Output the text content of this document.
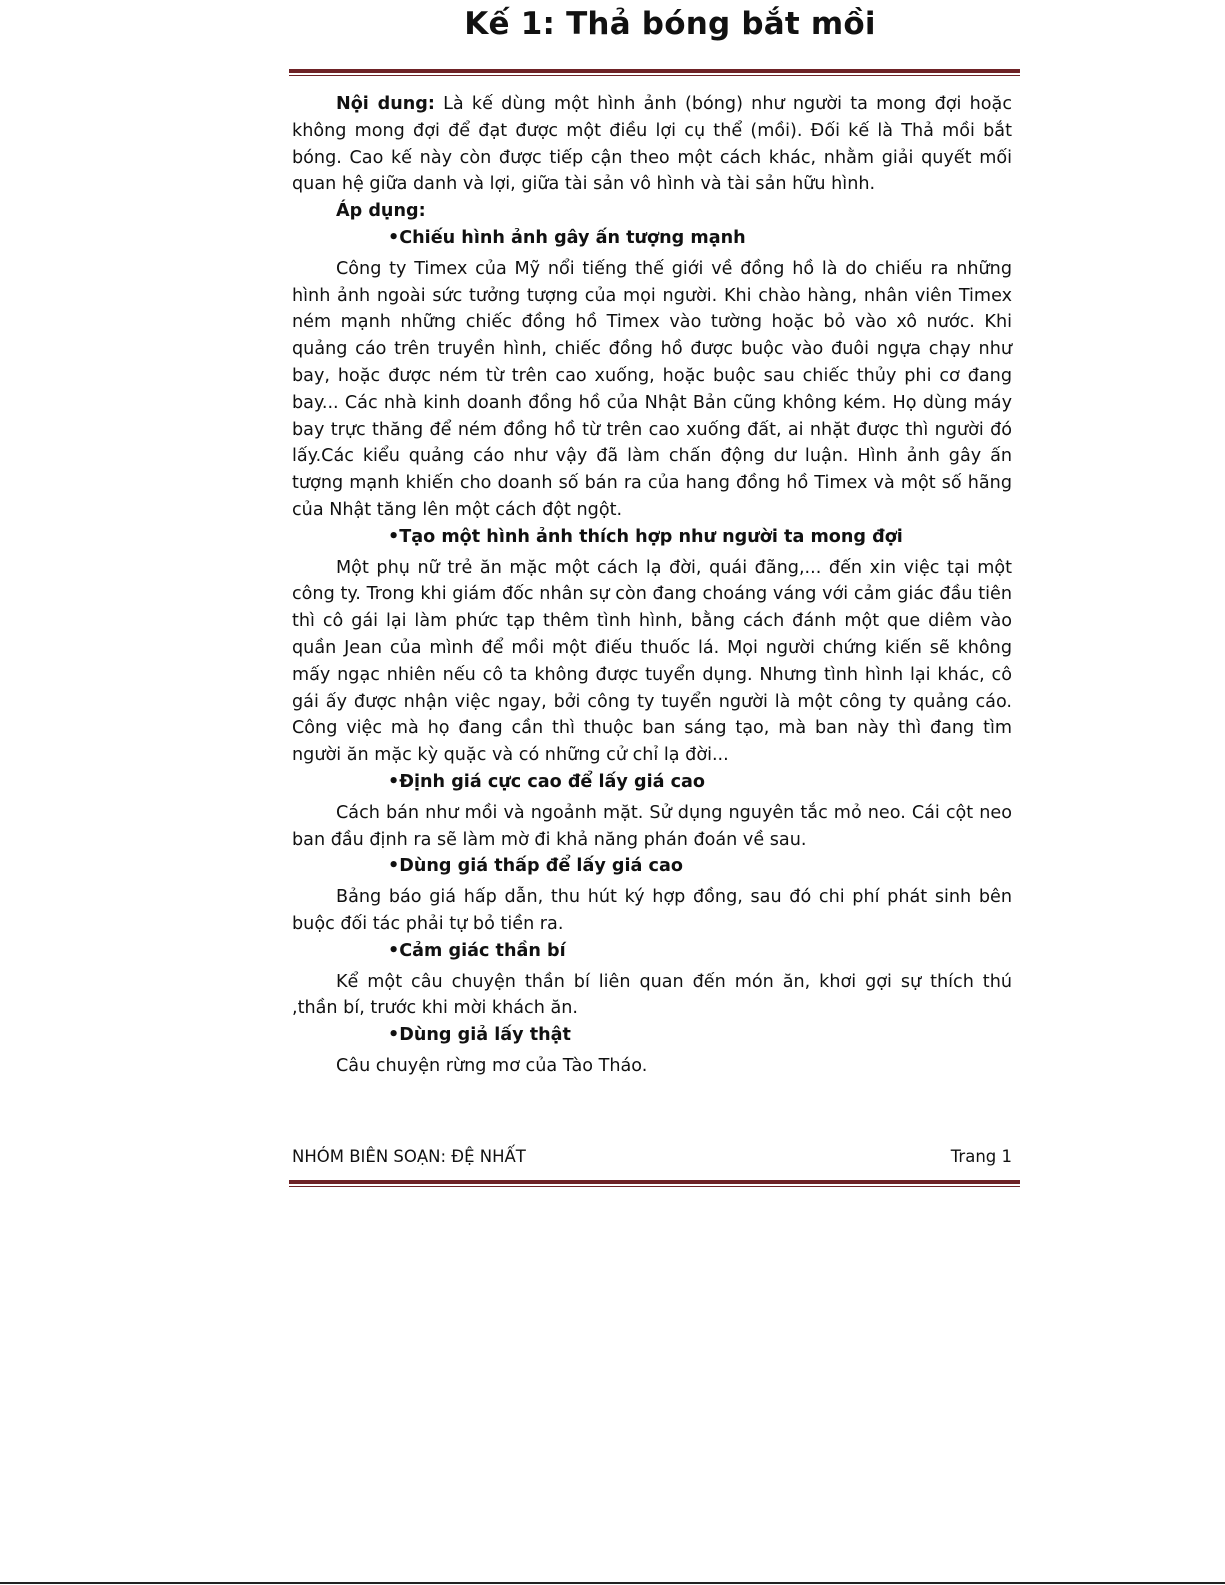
Kế 1: Thả bóng bắt mồi

Nội dung: Là kế dùng một hình ảnh (bóng) như người ta mong đợi hoặc không mong đợi để đạt được một điều lợi cụ thể (mồi). Đối kế là Thả mồi bắt bóng. Cao kế này còn được tiếp cận theo một cách khác, nhằm giải quyết mối quan hệ giữa danh và lợi, giữa tài sản vô hình và tài sản hữu hình.

Áp dụng:
•Chiếu hình ảnh gây ấn tượng mạnh

Công ty Timex của Mỹ nổi tiếng thế giới về đồng hồ là do chiếu ra những hình ảnh ngoài sức tưởng tượng của mọi người. Khi chào hàng, nhân viên Timex ném mạnh những chiếc đồng hồ Timex vào tường hoặc bỏ vào xô nước. Khi quảng cáo trên truyền hình, chiếc đồng hồ được buộc vào đuôi ngựa chạy như bay, hoặc được ném từ trên cao xuống, hoặc buộc sau chiếc thủy phi cơ đang bay... Các nhà kinh doanh đồng hồ của Nhật Bản cũng không kém. Họ dùng máy bay trực thăng để ném đồng hồ từ trên cao xuống đất, ai nhặt được thì người đó lấy.Các kiểu quảng cáo như vậy đã làm chấn động dư luận. Hình ảnh gây ấn tượng mạnh khiến cho doanh số bán ra của hang đồng hồ Timex và một số hãng của Nhật tăng lên một cách đột ngột.

•Tạo một hình ảnh thích hợp như người ta mong đợi

Một phụ nữ trẻ ăn mặc một cách lạ đời, quái đãng,... đến xin việc tại một công ty. Trong khi giám đốc nhân sự còn đang choáng váng với cảm giác đầu tiên thì cô gái lại làm phức tạp thêm tình hình, bằng cách đánh một que diêm vào quần Jean của mình để mồi một điếu thuốc lá. Mọi người chứng kiến sẽ không mấy ngạc nhiên nếu cô ta không được tuyển dụng. Nhưng tình hình lại khác, cô gái ấy được nhận việc ngay, bởi công ty tuyển người là một công ty quảng cáo. Công việc mà họ đang cần thì thuộc ban sáng tạo, mà ban này thì đang tìm người ăn mặc kỳ quặc và có những cử chỉ lạ đời...

•Định giá cực cao để lấy giá cao

Cách bán như mồi và ngoảnh mặt. Sử dụng nguyên tắc mỏ neo. Cái cột neo ban đầu định ra sẽ làm mờ đi khả năng phán đoán về sau.

•Dùng giá thấp để lấy giá cao

Bảng báo giá hấp dẫn, thu hút ký hợp đồng, sau đó chi phí phát sinh bên buộc đối tác phải tự bỏ tiền ra.

•Cảm giác thần bí

Kể một câu chuyện thần bí liên quan đến món ăn, khơi gợi sự thích thú ,thần bí, trước khi mời khách ăn.

•Dùng giả lấy thật

Câu chuyện rừng mơ của Tào Tháo.

NHÓM BIÊN SOẠN: ĐỆ NHẤT	Trang 1
